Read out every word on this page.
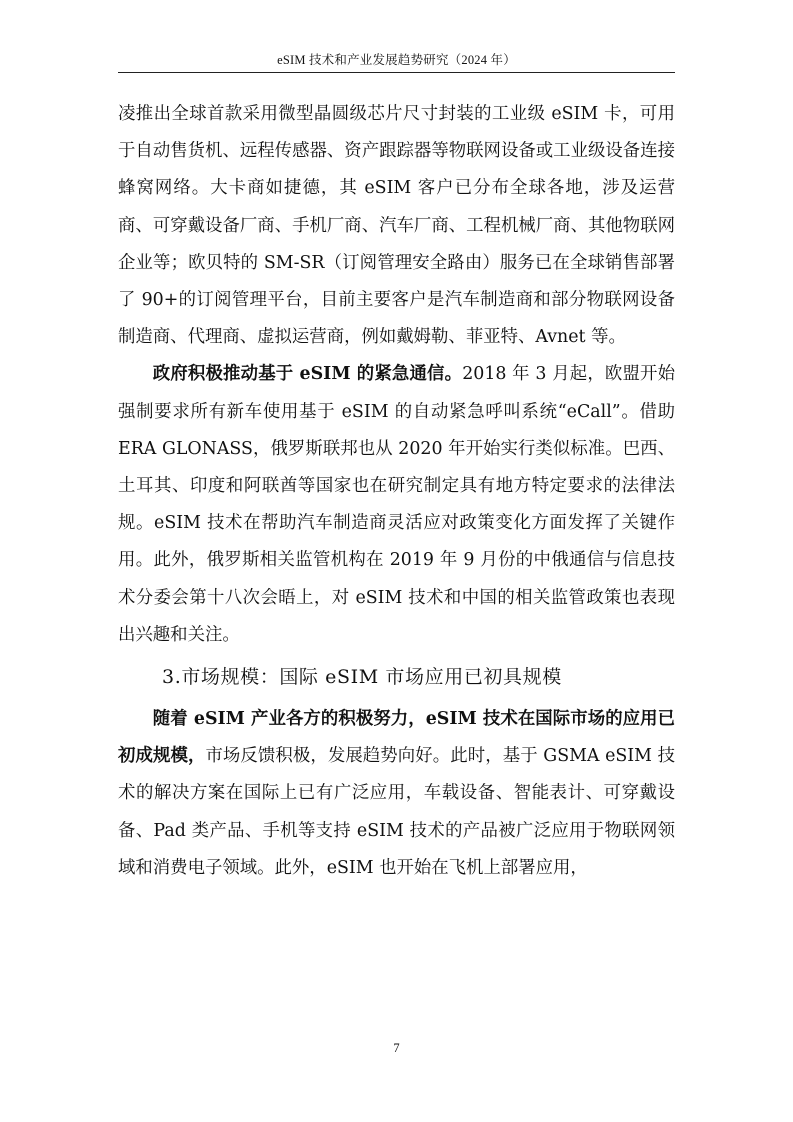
eSIM 技术和产业发展趋势研究（2024 年）

凌推出全球首款采用微型晶圆级芯片尺寸封装的工业级 eSIM 卡，可用于自动售货机、远程传感器、资产跟踪器等物联网设备或工业级设备连接蜂窝网络。大卡商如捷德，其 eSIM 客户已分布全球各地，涉及运营商、可穿戴设备厂商、手机厂商、汽车厂商、工程机械厂商、其他物联网企业等；欧贝特的 SM-SR（订阅管理安全路由）服务已在全球销售部署了 90+的订阅管理平台，目前主要客户是汽车制造商和部分物联网设备制造商、代理商、虚拟运营商，例如戴姆勒、菲亚特、Avnet 等。

政府积极推动基于 eSIM 的紧急通信。2018 年 3 月起，欧盟开始强制要求所有新车使用基于 eSIM 的自动紧急呼叫系统“eCall”。借助 ERA GLONASS，俄罗斯联邦也从 2020 年开始实行类似标准。巴西、土耳其、印度和阿联酋等国家也在研究制定具有地方特定要求的法律法规。eSIM 技术在帮助汽车制造商灵活应对政策变化方面发挥了关键作用。此外，俄罗斯相关监管机构在 2019 年 9 月份的中俄通信与信息技术分委会第十八次会晤上，对 eSIM 技术和中国的相关监管政策也表现出兴趣和关注。

3.市场规模：国际 eSIM 市场应用已初具规模

随着 eSIM 产业各方的积极努力，eSIM 技术在国际市场的应用已初成规模，市场反馈积极，发展趋势向好。此时，基于 GSMA eSIM 技术的解决方案在国际上已有广泛应用，车载设备、智能表计、可穿戴设备、Pad 类产品、手机等支持 eSIM 技术的产品被广泛应用于物联网领域和消费电子领域。此外，eSIM 也开始在飞机上部署应用，

7
